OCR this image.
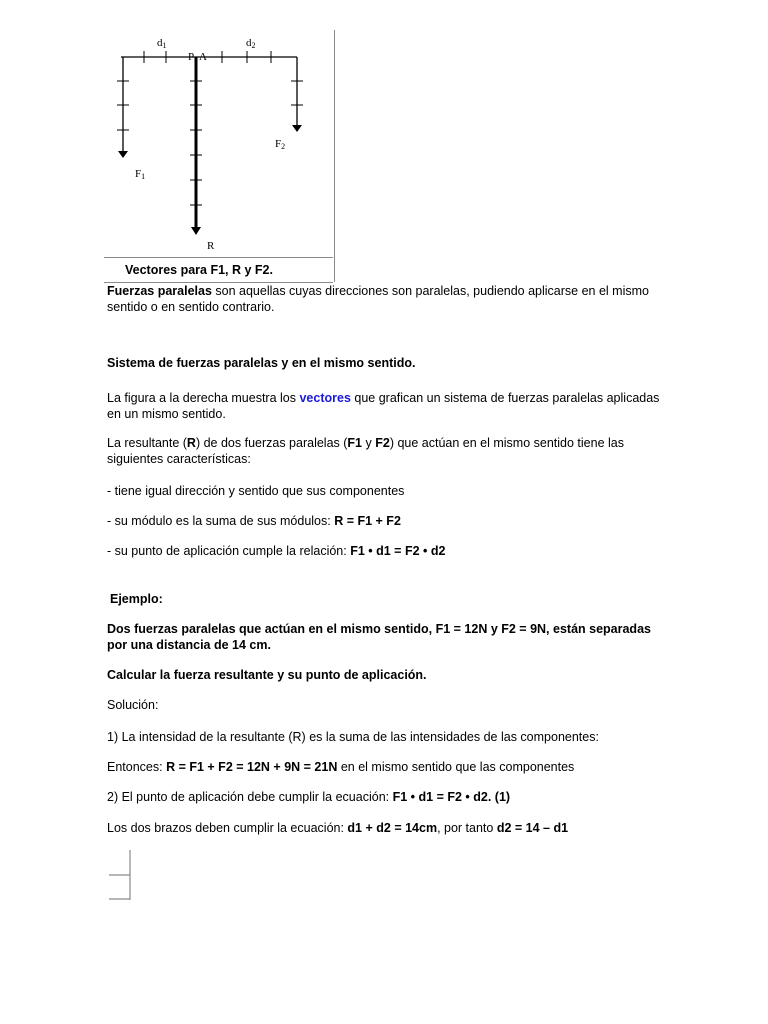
d1	d2
P A
F2
F1
R
Vectores para F1, R y F2.
Fuerzas paralelas son aquellas cuyas direcciones son paralelas, pudiendo aplicarse en el mismo sentido o en sentido contrario.
Sistema de fuerzas paralelas y en el mismo sentido.
La figura a la derecha muestra los vectores que grafican un sistema de fuerzas paralelas aplicadas en un mismo sentido.
La resultante (R) de dos fuerzas paralelas (F1 y F2) que actúan en el mismo sentido tiene las siguientes características:
- tiene igual dirección y sentido que sus componentes
- su módulo es la suma de sus módulos: R = F1 + F2
- su punto de aplicación cumple la relación: F1 • d1 = F2 • d2
Ejemplo:
Dos fuerzas paralelas que actúan en el mismo sentido, F1 = 12N y F2 = 9N, están separadas por una distancia de 14 cm.
Calcular la fuerza resultante y su punto de aplicación.
Solución:
1) La intensidad de la resultante (R) es la suma de las intensidades de las componentes:
Entonces: R = F1 + F2 = 12N + 9N = 21N en el mismo sentido que las componentes
2) El punto de aplicación debe cumplir la ecuación: F1 • d1 = F2 • d2. (1)
Los dos brazos deben cumplir la ecuación: d1 + d2 = 14cm, por tanto d2 = 14 – d1
